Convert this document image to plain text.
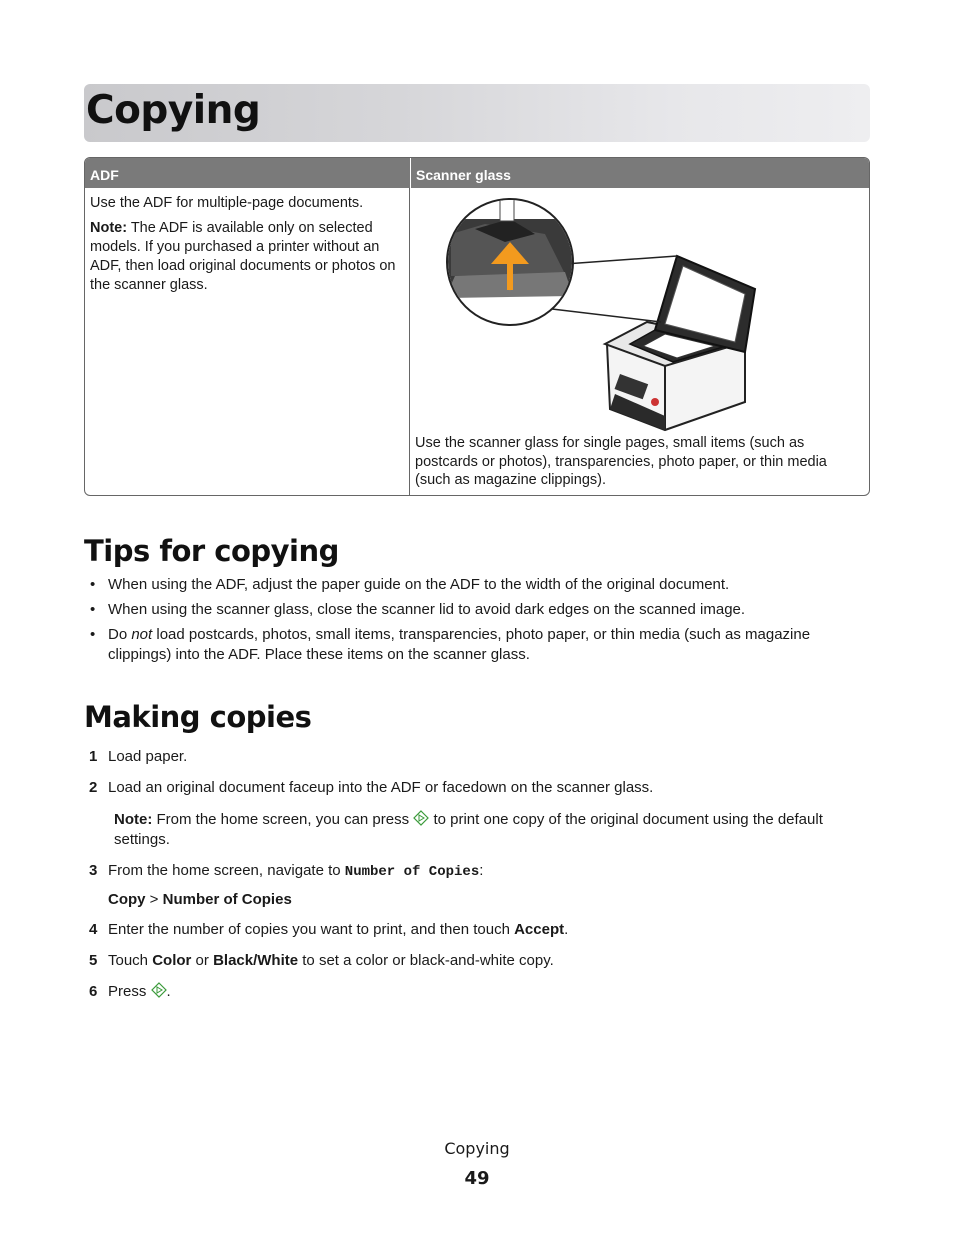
Copying
ADF	Scanner glass

Use the ADF for multiple-page documents.

Note: The ADF is available only on selected models. If you purchased a printer without an ADF, then load original documents or photos on the scanner glass.	Use the scanner glass for single pages, small items (such as postcards or photos), transparencies, photo paper, or thin media (such as magazine clippings).
Tips for copying
• When using the ADF, adjust the paper guide on the ADF to the width of the original document.
• When using the scanner glass, close the scanner lid to avoid dark edges on the scanned image.
• Do not load postcards, photos, small items, transparencies, photo paper, or thin media (such as magazine clippings) into the ADF. Place these items on the scanner glass.
Making copies
1 Load paper.
2 Load an original document faceup into the ADF or facedown on the scanner glass.
Note: From the home screen, you can press  to print one copy of the original document using the default settings.
3 From the home screen, navigate to Number of Copies:
Copy > Number of Copies
4 Enter the number of copies you want to print, and then touch Accept.
5 Touch Color or Black/White to set a color or black-and-white copy.
6 Press .
Copying
49
